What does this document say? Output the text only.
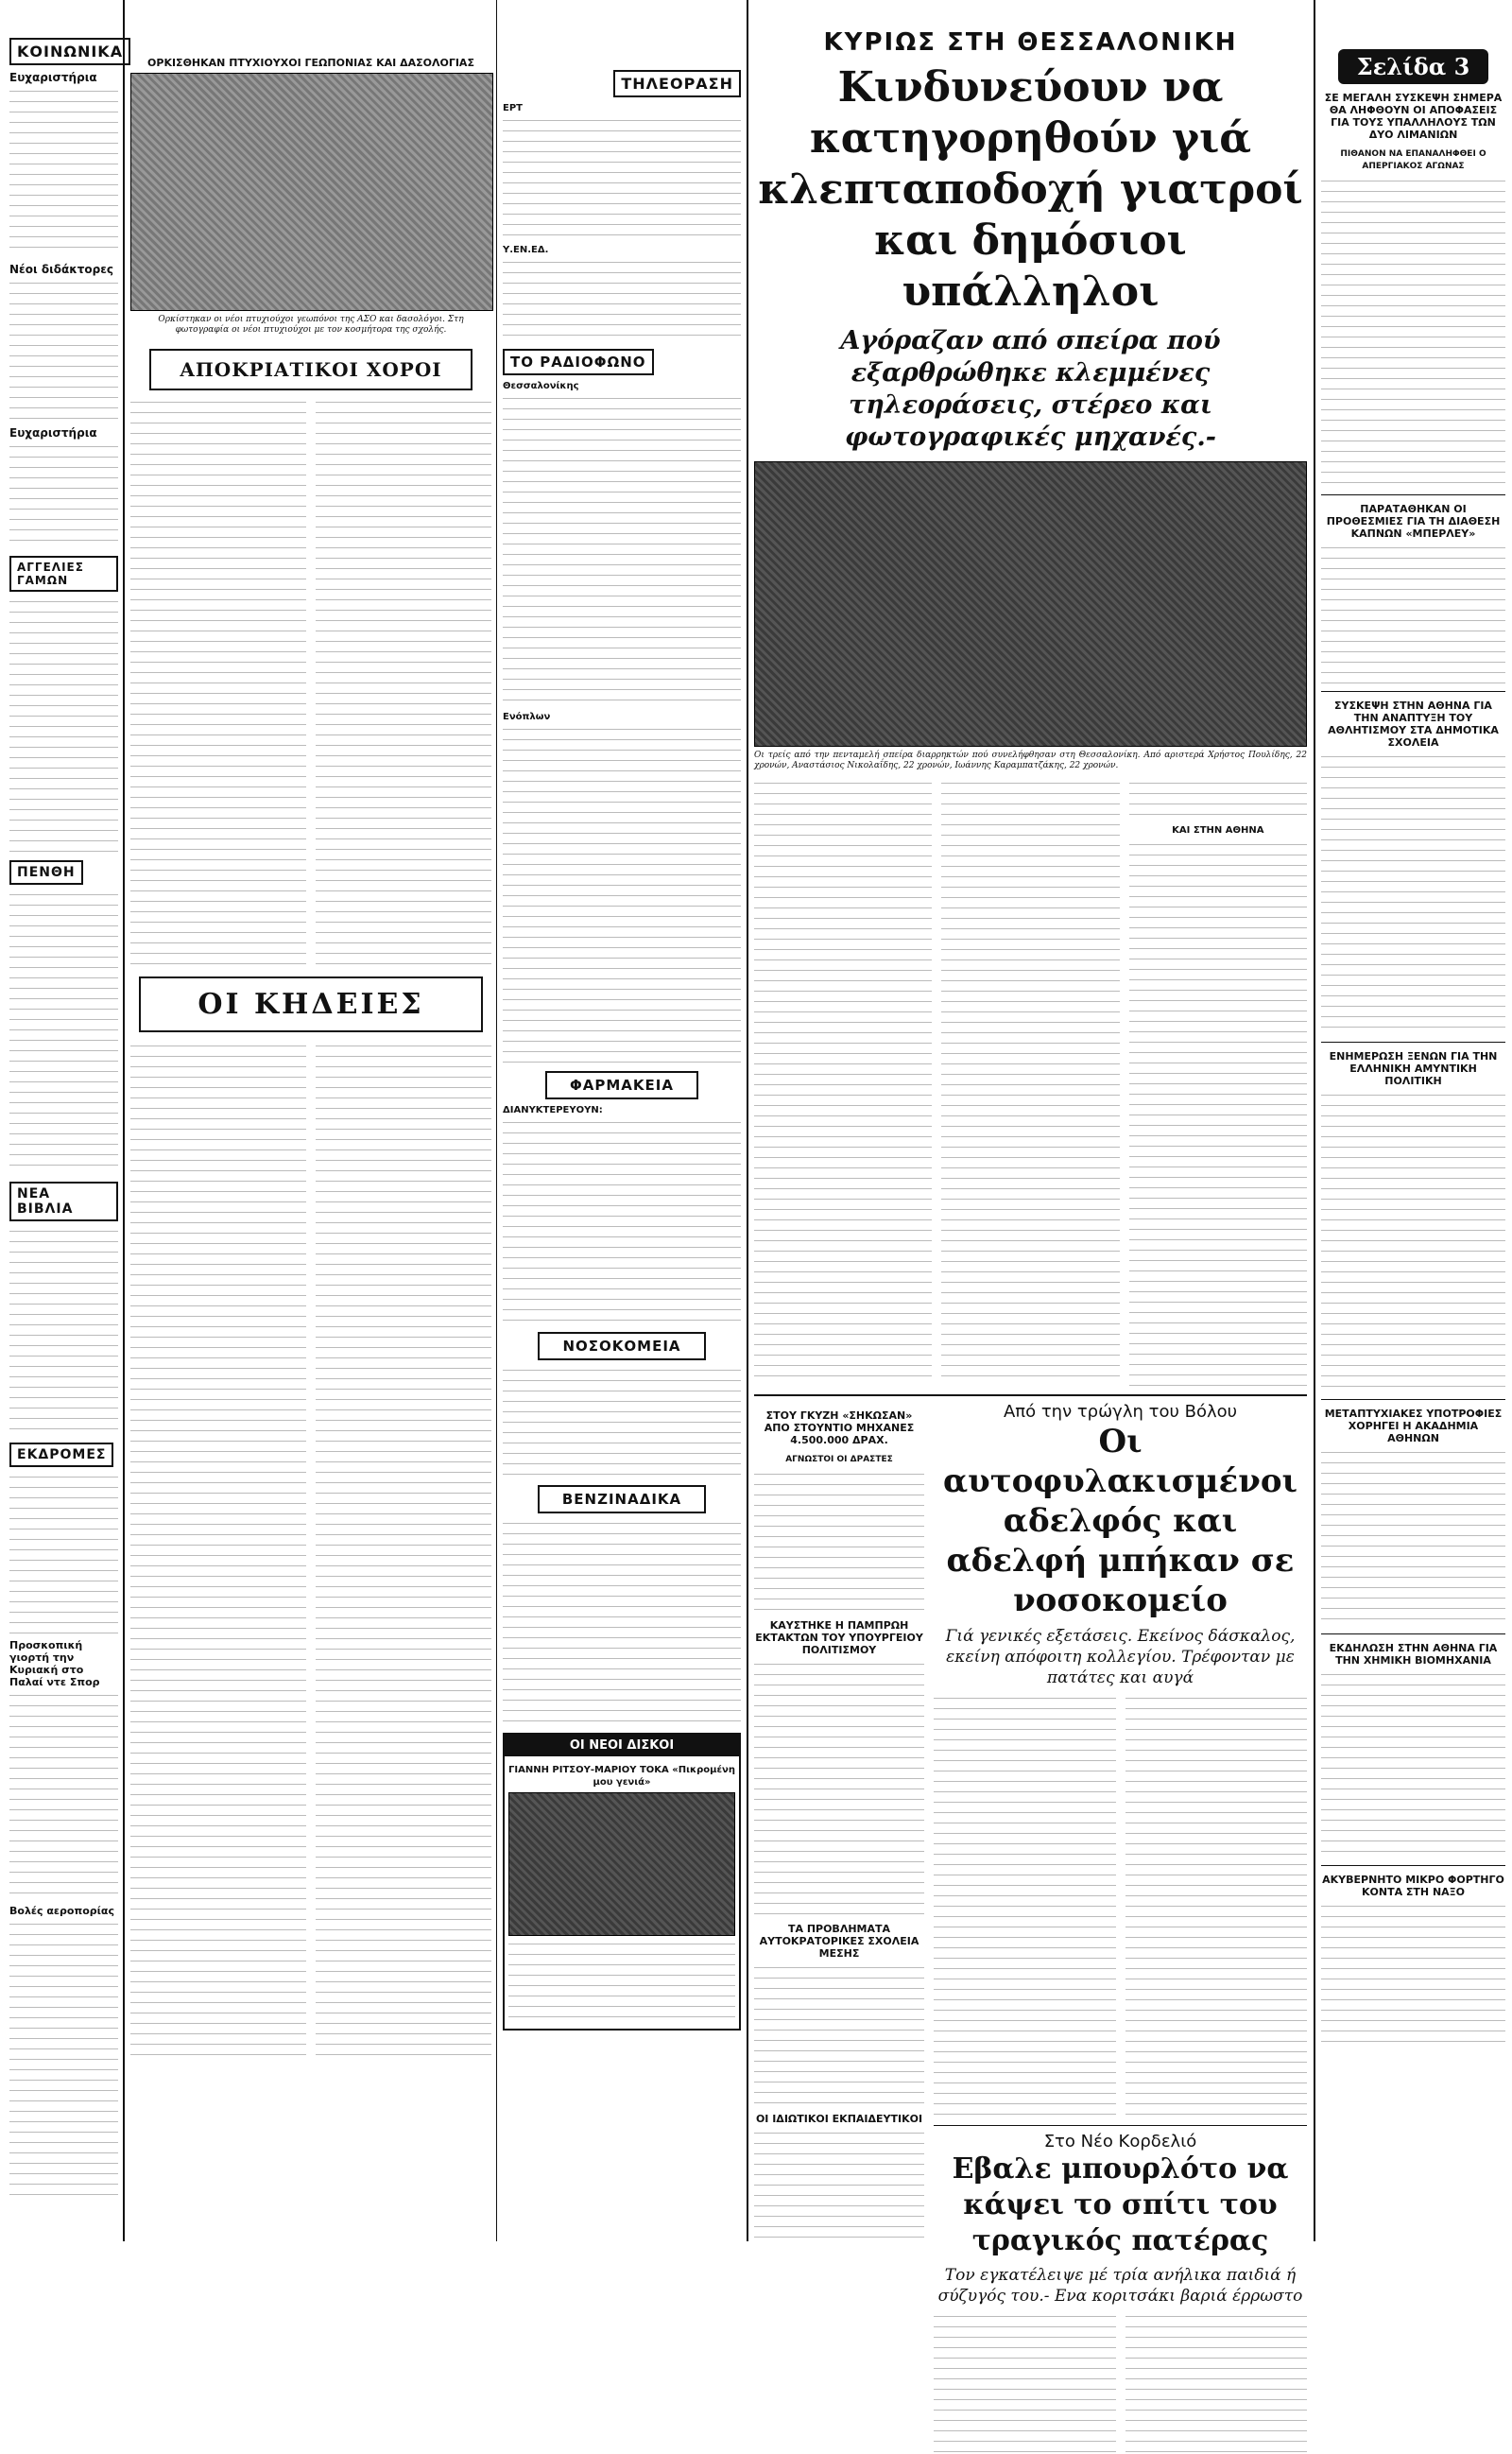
ΚΟΙΝΩΝΙΚΑ
Ευχαριστήρια
Νέοι διδάκτορες
Ευχαριστήρια
ΑΓΓΕΛΙΕΣ ΓΑΜΩΝ
ΠΕΝΘΗ
ΝΕΑ ΒΙΒΛΙΑ
ΕΚΔΡΟΜΕΣ
Προσκοπική γιορτή την Κυριακή στο Παλαί ντε Σπορ
Βολές αεροπορίας
ΟΡΚΙΣΘΗΚΑΝ ΠΤΥΧΙΟΥΧΟΙ ΓΕΩΠΟΝΙΑΣ ΚΑΙ ΔΑΣΟΛΟΓΙΑΣ
Ορκίστηκαν οι νέοι πτυχιούχοι γεωπόνοι της ΑΣΟ και δασολόγοι. Στη φωτογραφία οι νέοι πτυχιούχοι με τον κοσμήτορα της σχολής.
ΑΠΟΚΡΙΑΤΙΚΟΙ ΧΟΡΟΙ
ΟΙ ΚΗΔΕΙΕΣ
ΤΗΛΕΟΡΑΣΗ
ΕΡΤ
Υ.ΕΝ.ΕΔ.
ΤΟ ΡΑΔΙΟΦΩΝΟ
Θεσσαλονίκης
Ενόπλων
ΦΑΡΜΑΚΕΙΑ
ΔΙΑΝΥΚΤΕΡΕΥΟΥΝ:
ΝΟΣΟΚΟΜΕΙΑ
ΒΕΝΖΙΝΑΔΙΚΑ
ΟΙ ΝΕΟΙ ΔΙΣΚΟΙ
ΓΙΑΝΝΗ ΡΙΤΣΟΥ-ΜΑΡΙΟΥ ΤΟΚΑ «Πικρομένη μου γενιά»
ΚΥΡΙΩΣ ΣΤΗ ΘΕΣΣΑΛΟΝΙΚΗ
Κινδυνεύουν να κατηγορηθούν γιά κλεπταποδοχή γιατροί και δημόσιοι υπάλληλοι
Αγόραζαν από σπείρα πού εξαρθρώθηκε κλεμμένες τηλεοράσεις, στέρεο και φωτογραφικές μηχανές.-
Οι τρείς από την πενταμελή σπείρα διαρρηκτών πού συνελήφθησαν στη Θεσσαλονίκη. Από αριστερά Χρήστος Πουλίδης, 22 χρονών, Αναστάσιος Νικολαΐδης, 22 χρονών, Ιωάννης Καραμπατζάκης, 22 χρονών.
ΚΑΙ ΣΤΗΝ ΑΘΗΝΑ
ΣΤΟΥ ΓΚΥΖΗ «ΣΗΚΩΣΑΝ» ΑΠΟ ΣΤΟΥΝΤΙΟ ΜΗΧΑΝΕΣ 4.500.000 ΔΡΑΧ.
ΑΓΝΩΣΤΟΙ ΟΙ ΔΡΑΣΤΕΣ
ΚΑΥΣΤΗΚΕ Η ΠΑΜΠΡΩΗ ΕΚΤΑΚΤΩΝ ΤΟΥ ΥΠΟΥΡΓΕΙΟΥ ΠΟΛΙΤΙΣΜΟΥ
ΤΑ ΠΡΟΒΛΗΜΑΤΑ ΑΥΤΟΚΡΑΤΟΡΙΚΕΣ ΣΧΟΛΕΙΑ ΜΕΣΗΣ
ΟΙ ΙΔΙΩΤΙΚΟΙ ΕΚΠΑΙΔΕΥΤΙΚΟΙ
Από την τρώγλη του Βόλου
Οι αυτοφυλακισμένοι αδελφός και αδελφή μπήκαν σε νοσοκομείο
Γιά γενικές εξετάσεις. Εκείνος δάσκαλος, εκείνη απόφοιτη κολλεγίου. Τρέφονταν με πατάτες και αυγά
Στο Νέο Κορδελιό
Εβαλε μπουρλότο να κάψει το σπίτι του τραγικός πατέρας
Τον εγκατέλειψε μέ τρία ανήλικα παιδιά ή σύζυγός του.- Ενα κοριτσάκι βαριά έρρωστο
Σελίδα 3
ΣΕ ΜΕΓΑΛΗ ΣΥΣΚΕΨΗ ΣΗΜΕΡΑ ΘΑ ΛΗΦΘΟΥΝ ΟΙ ΑΠΟΦΑΣΕΙΣ ΓΙΑ ΤΟΥΣ ΥΠΑΛΛΗΛΟΥΣ ΤΩΝ ΔΥΟ ΛΙΜΑΝΙΩΝ
ΠΙΘΑΝΟΝ ΝΑ ΕΠΑΝΑΛΗΦΘΕΙ Ο ΑΠΕΡΓΙΑΚΟΣ ΑΓΩΝΑΣ
ΠΑΡΑΤΑΘΗΚΑΝ ΟΙ ΠΡΟΘΕΣΜΙΕΣ ΓΙΑ ΤΗ ΔΙΑΘΕΣΗ ΚΑΠΝΩΝ «ΜΠΕΡΛΕΥ»
ΣΥΣΚΕΨΗ ΣΤΗΝ ΑΘΗΝΑ ΓΙΑ ΤΗΝ ΑΝΑΠΤΥΞΗ ΤΟΥ ΑΘΛΗΤΙΣΜΟΥ ΣΤΑ ΔΗΜΟΤΙΚΑ ΣΧΟΛΕΙΑ
ΕΝΗΜΕΡΩΣΗ ΞΕΝΩΝ ΓΙΑ ΤΗΝ ΕΛΛΗΝΙΚΗ ΑΜΥΝΤΙΚΗ ΠΟΛΙΤΙΚΗ
ΜΕΤΑΠΤΥΧΙΑΚΕΣ ΥΠΟΤΡΟΦΙΕΣ ΧΟΡΗΓΕΙ Η ΑΚΑΔΗΜΙΑ ΑΘΗΝΩΝ
ΕΚΔΗΛΩΣΗ ΣΤΗΝ ΑΘΗΝΑ ΓΙΑ ΤΗΝ ΧΗΜΙΚΗ ΒΙΟΜΗΧΑΝΙΑ
ΑΚΥΒΕΡΝΗΤΟ ΜΙΚΡΟ ΦΟΡΤΗΓΟ ΚΟΝΤΑ ΣΤΗ ΝΑΞΟ
